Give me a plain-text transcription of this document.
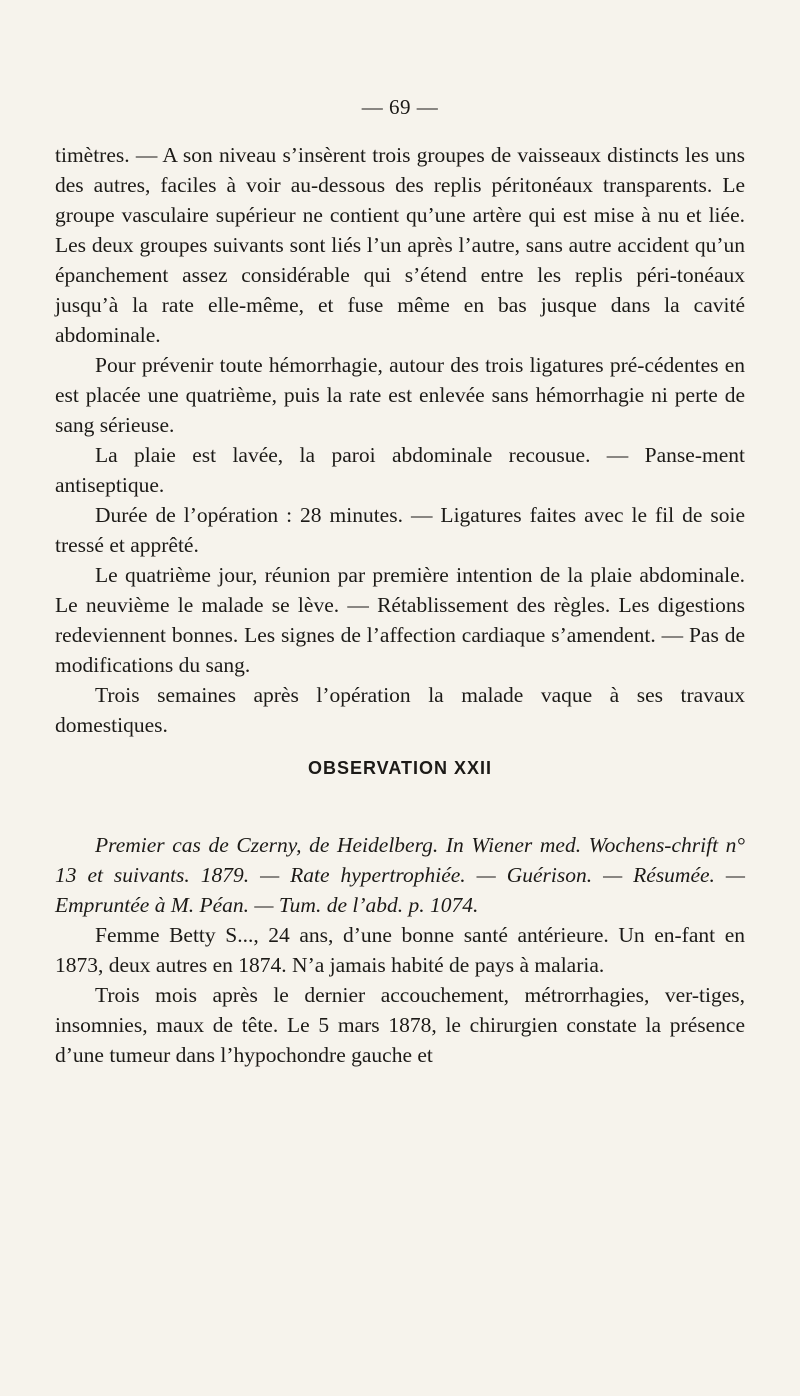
— 69 —

timètres. — A son niveau s’insèrent trois groupes de vaisseaux distincts les uns des autres, faciles à voir au-dessous des replis péritonéaux transparents. Le groupe vasculaire supérieur ne contient qu’une artère qui est mise à nu et liée. Les deux groupes suivants sont liés l’un après l’autre, sans autre accident qu’un épanchement assez considérable qui s’étend entre les replis péri-tonéaux jusqu’à la rate elle-même, et fuse même en bas jusque dans la cavité abdominale.

Pour prévenir toute hémorrhagie, autour des trois ligatures pré-cédentes en est placée une quatrième, puis la rate est enlevée sans hémorrhagie ni perte de sang sérieuse.

La plaie est lavée, la paroi abdominale recousue. — Panse-ment antiseptique.

Durée de l’opération : 28 minutes. — Ligatures faites avec le fil de soie tressé et apprêté.

Le quatrième jour, réunion par première intention de la plaie abdominale. Le neuvième le malade se lève. — Rétablissement des règles. Les digestions redeviennent bonnes. Les signes de l’affection cardiaque s’amendent. — Pas de modifications du sang.

Trois semaines après l’opération la malade vaque à ses travaux domestiques.

OBSERVATION XXII

Premier cas de Czerny, de Heidelberg. In Wiener med. Wochens-chrift n° 13 et suivants. 1879. — Rate hypertrophiée. — Guérison. — Résumée. — Empruntée à M. Péan. — Tum. de l’abd. p. 1074.

Femme Betty S..., 24 ans, d’une bonne santé antérieure. Un en-fant en 1873, deux autres en 1874. N’a jamais habité de pays à malaria.

Trois mois après le dernier accouchement, métrorrhagies, ver-tiges, insomnies, maux de tête. Le 5 mars 1878, le chirurgien constate la présence d’une tumeur dans l’hypochondre gauche et
